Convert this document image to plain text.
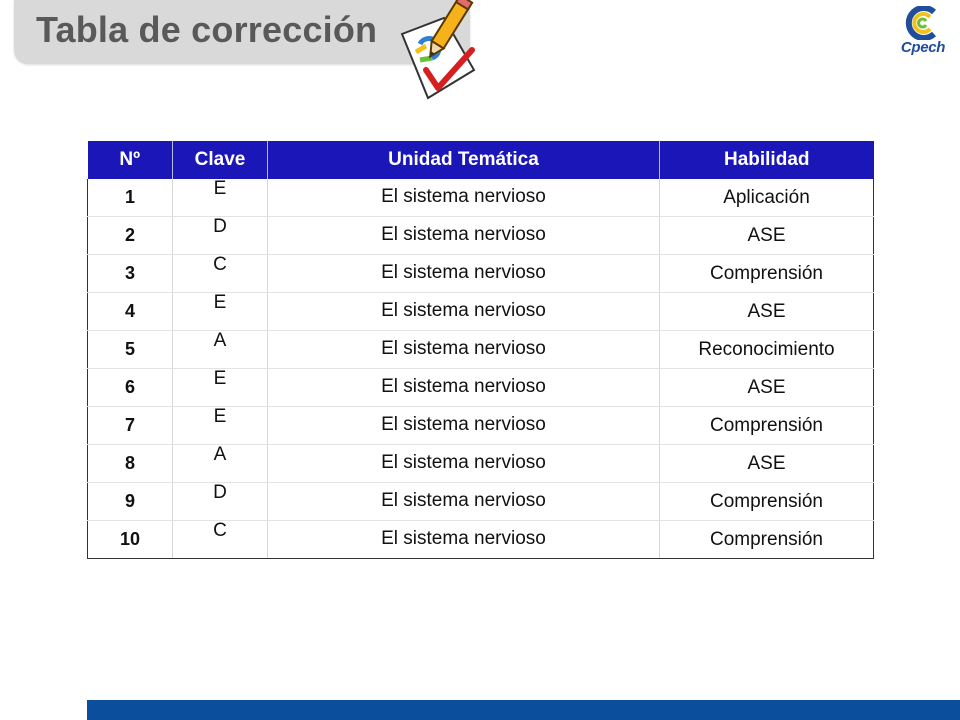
Tabla de corrección	Cpech
Nº	Clave	Unidad Temática	Habilidad
1	E	El sistema nervioso	Aplicación
2	D	El sistema nervioso	ASE
3	C	El sistema nervioso	Comprensión
4	E	El sistema nervioso	ASE
5	A	El sistema nervioso	Reconocimiento
6	E	El sistema nervioso	ASE
7	E	El sistema nervioso	Comprensión
8	A	El sistema nervioso	ASE
9	D	El sistema nervioso	Comprensión
10	C	El sistema nervioso	Comprensión
